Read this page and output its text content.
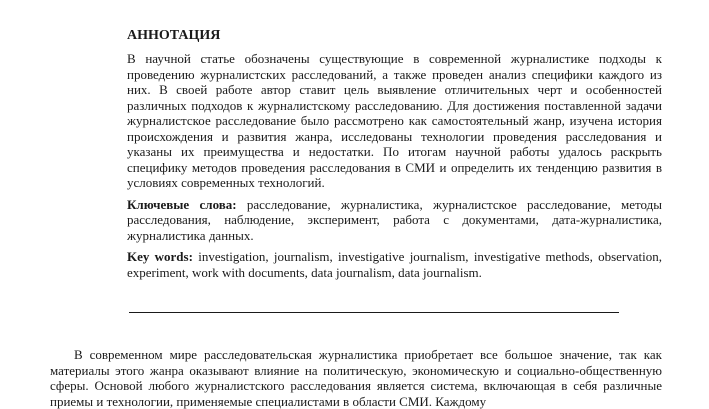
АННОТАЦИЯ

В научной статье обозначены существующие в современной журналистике подходы к проведению журналистских расследований, а также проведен анализ специфики каждого из них. В своей работе автор ставит цель выявление отличительных черт и особенностей различных подходов к журналистскому расследованию. Для достижения поставленной задачи журналистское расследование было рассмотрено как самостоятельный жанр, изучена история происхождения и развития жанра, исследованы технологии проведения расследования и указаны их преимущества и недостатки. По итогам научной работы удалось раскрыть специфику методов проведения расследования в СМИ и определить их тенденцию развития в условиях современных технологий.

Ключевые слова: расследование, журналистика, журналистское расследование, методы расследования, наблюдение, эксперимент, работа с документами, дата-журналистика, журналистика данных.

Key words: investigation, journalism, investigative journalism, investigative methods, observation, experiment, work with documents, data journalism, data journalism.

В современном мире расследовательская журналистика приобретает все большое значение, так как материалы этого жанра оказывают влияние на политическую, экономическую и социально-общественную сферы. Основой любого журналистского расследования является система, включающая в себя различные приемы и технологии, применяемые специалистами в области СМИ. Каждому
